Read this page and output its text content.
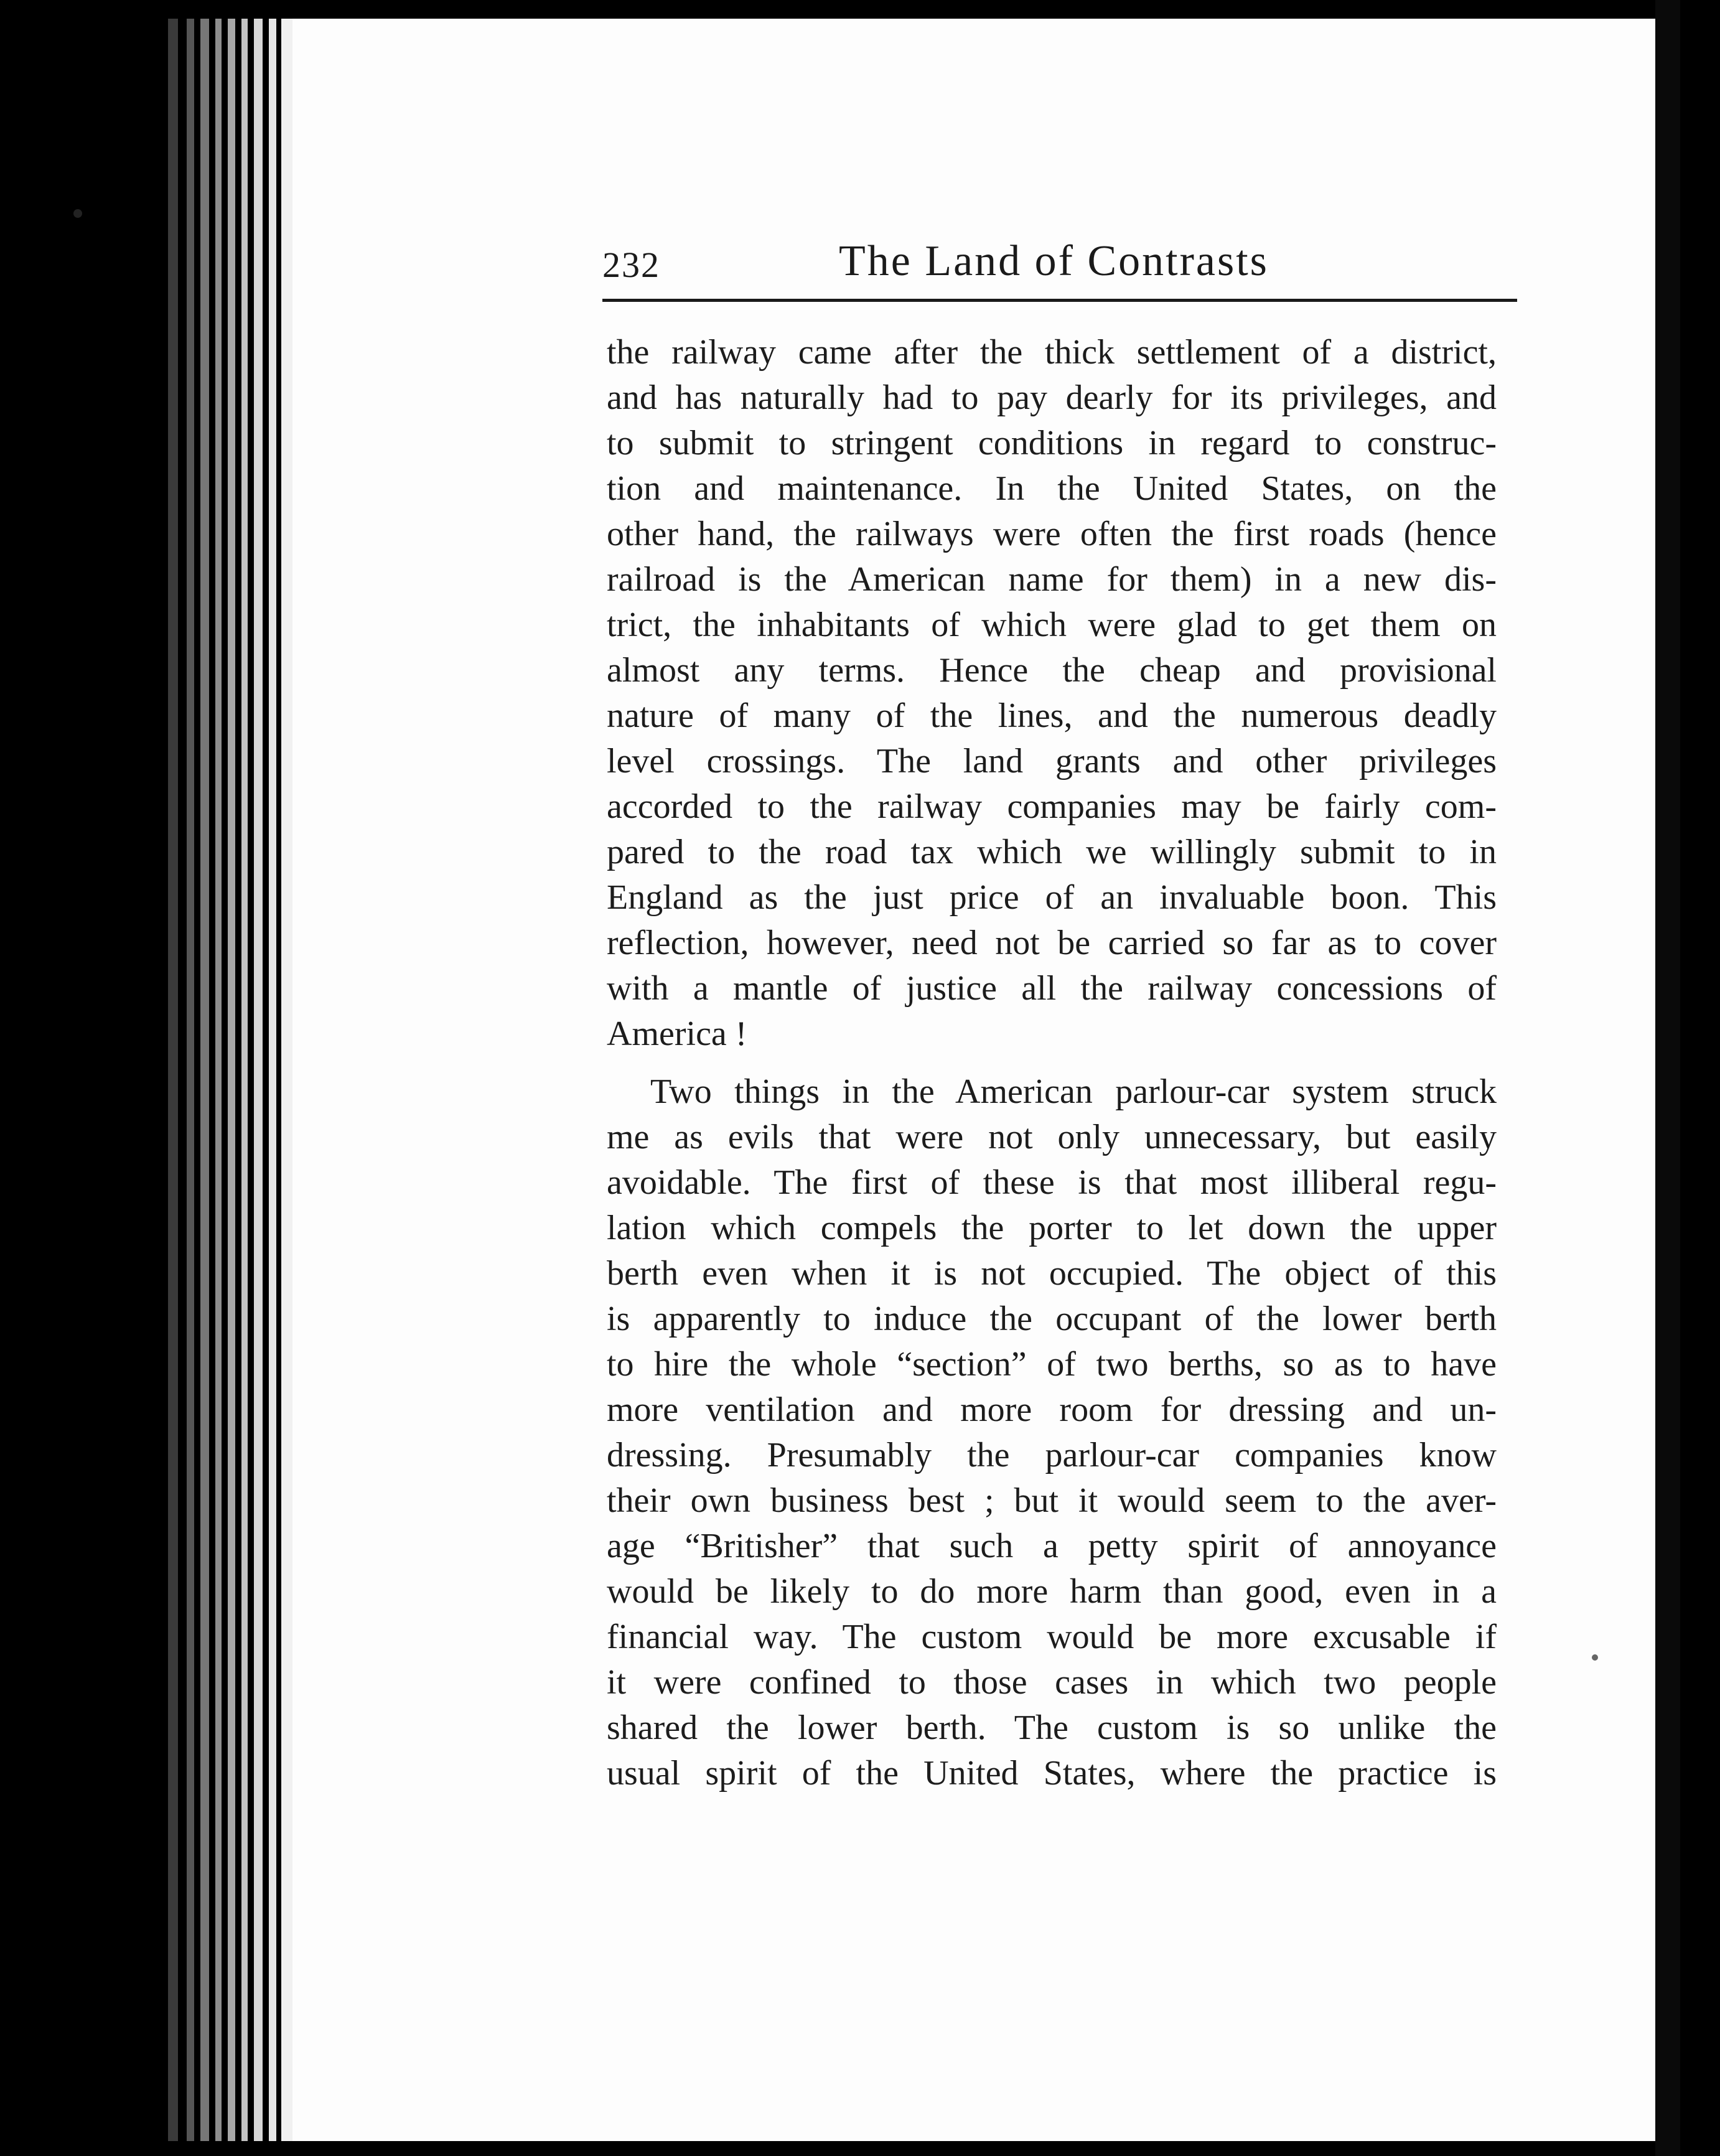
232	The Land of Contrasts
the railway came after the thick settlement of a district,
and has naturally had to pay dearly for its privileges, and
to submit to stringent conditions in regard to construc-
tion and maintenance. In the United States, on the
other hand, the railways were often the first roads (hence
railroad is the American name for them) in a new dis-
trict, the inhabitants of which were glad to get them on
almost any terms. Hence the cheap and provisional
nature of many of the lines, and the numerous deadly
level crossings. The land grants and other privileges
accorded to the railway companies may be fairly com-
pared to the road tax which we willingly submit to in
England as the just price of an invaluable boon. This
reflection, however, need not be carried so far as to cover
with a mantle of justice all the railway concessions of
America !
Two things in the American parlour-car system struck
me as evils that were not only unnecessary, but easily
avoidable. The first of these is that most illiberal regu-
lation which compels the porter to let down the upper
berth even when it is not occupied. The object of this
is apparently to induce the occupant of the lower berth
to hire the whole “section” of two berths, so as to have
more ventilation and more room for dressing and un-
dressing. Presumably the parlour-car companies know
their own business best ; but it would seem to the aver-
age “Britisher” that such a petty spirit of annoyance
would be likely to do more harm than good, even in a
financial way. The custom would be more excusable if
it were confined to those cases in which two people
shared the lower berth. The custom is so unlike the
usual spirit of the United States, where the practice is
